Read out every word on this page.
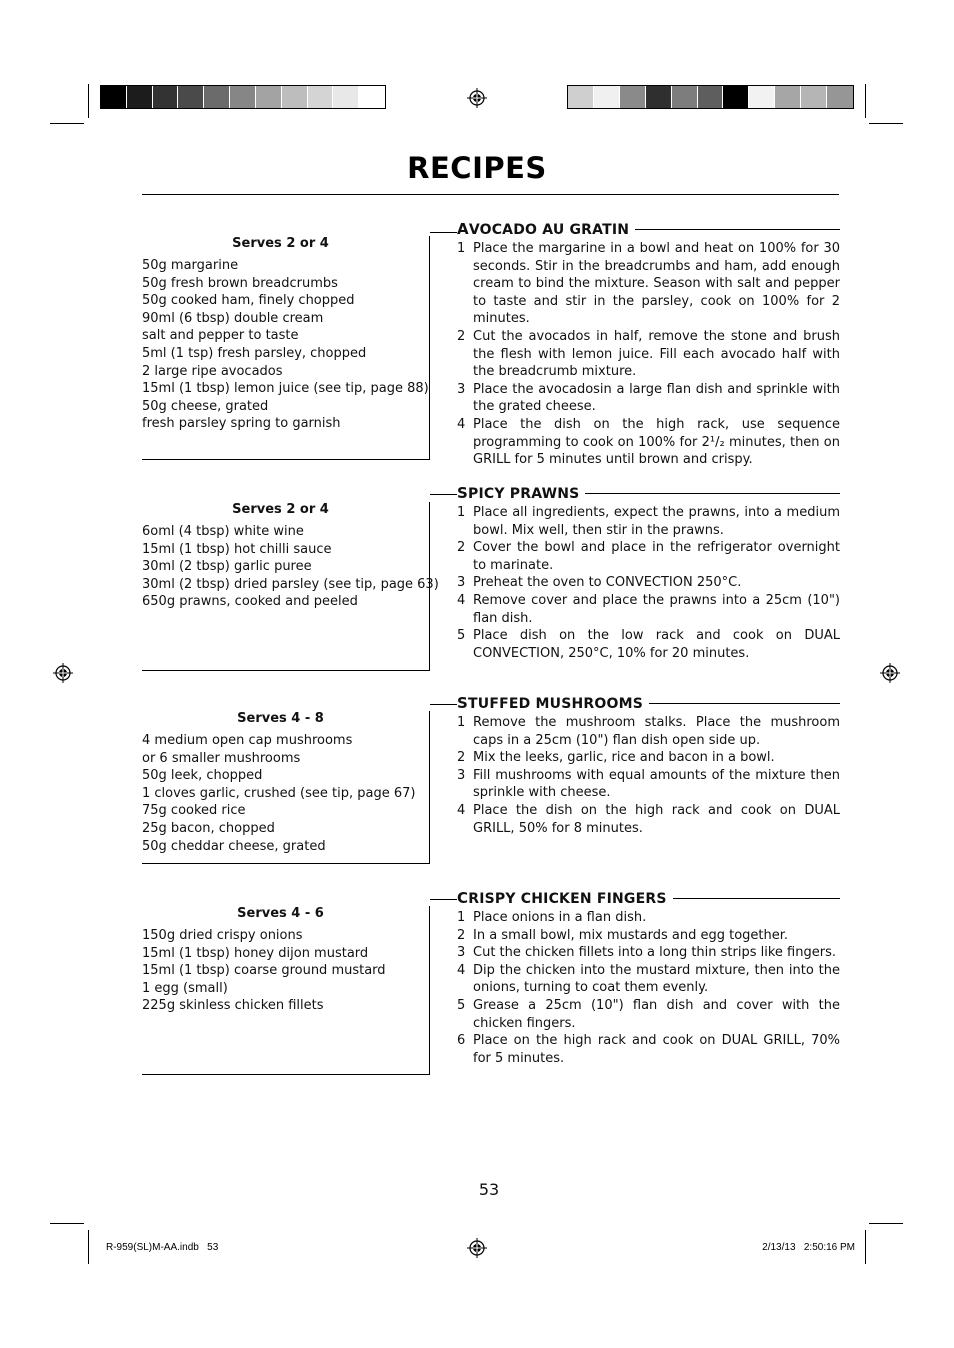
RECIPES
Serves 2 or 4
50g margarine
50g fresh brown breadcrumbs
50g cooked ham, finely chopped
90ml (6 tbsp) double cream
salt and pepper to taste
5ml (1 tsp) fresh parsley, chopped
2 large ripe avocados
15ml (1 tbsp) lemon juice (see tip, page 88)
50g cheese, grated
fresh parsley spring to garnish
AVOCADO AU GRATIN
1 Place the margarine in a bowl and heat on 100% for 30 seconds. Stir in the breadcrumbs and ham, add enough cream to bind the mixture. Season with salt and pepper to taste and stir in the parsley, cook on 100% for 2 minutes.
2 Cut the avocados in half, remove the stone and brush the flesh with lemon juice. Fill each avocado half with the breadcrumb mixture.
3 Place the avocadosin a large flan dish and sprinkle with the grated cheese.
4 Place the dish on the high rack, use sequence programming to cook on 100% for 2¹/₂ minutes, then on GRILL for 5 minutes until brown and crispy.
Serves 2 or 4
6oml (4 tbsp) white wine
15ml (1 tbsp) hot chilli sauce
30ml (2 tbsp) garlic puree
30ml (2 tbsp) dried parsley (see tip, page 63)
650g prawns, cooked and peeled
SPICY PRAWNS
1 Place all ingredients, expect the prawns, into a medium bowl. Mix well, then stir in the prawns.
2 Cover the bowl and place in the refrigerator overnight to marinate.
3 Preheat the oven to CONVECTION 250°C.
4 Remove cover and place the prawns into a 25cm (10") flan dish.
5 Place dish on the low rack and cook on DUAL CONVECTION, 250°C, 10% for 20 minutes.
Serves 4 - 8
4 medium open cap mushrooms
or 6 smaller mushrooms
50g leek, chopped
1 cloves garlic, crushed (see tip, page 67)
75g cooked rice
25g bacon, chopped
50g cheddar cheese, grated
STUFFED MUSHROOMS
1 Remove the mushroom stalks. Place the mushroom caps in a 25cm (10") flan dish open side up.
2 Mix the leeks, garlic, rice and bacon in a bowl.
3 Fill mushrooms with equal amounts of the mixture then sprinkle with cheese.
4 Place the dish on the high rack and cook on DUAL GRILL, 50% for 8 minutes.
Serves 4 - 6
150g dried crispy onions
15ml (1 tbsp) honey dijon mustard
15ml (1 tbsp) coarse ground mustard
1 egg (small)
225g skinless chicken fillets
CRISPY CHICKEN FINGERS
1 Place onions in a flan dish.
2 In a small bowl, mix mustards and egg together.
3 Cut the chicken fillets into a long thin strips like fingers.
4 Dip the chicken into the mustard mixture, then into the onions, turning to coat them evenly.
5 Grease a 25cm (10") flan dish and cover with the chicken fingers.
6 Place on the high rack and cook on DUAL GRILL, 70% for 5 minutes.
53
R-959(SL)M-AA.indb   53	2/13/13   2:50:16 PM
